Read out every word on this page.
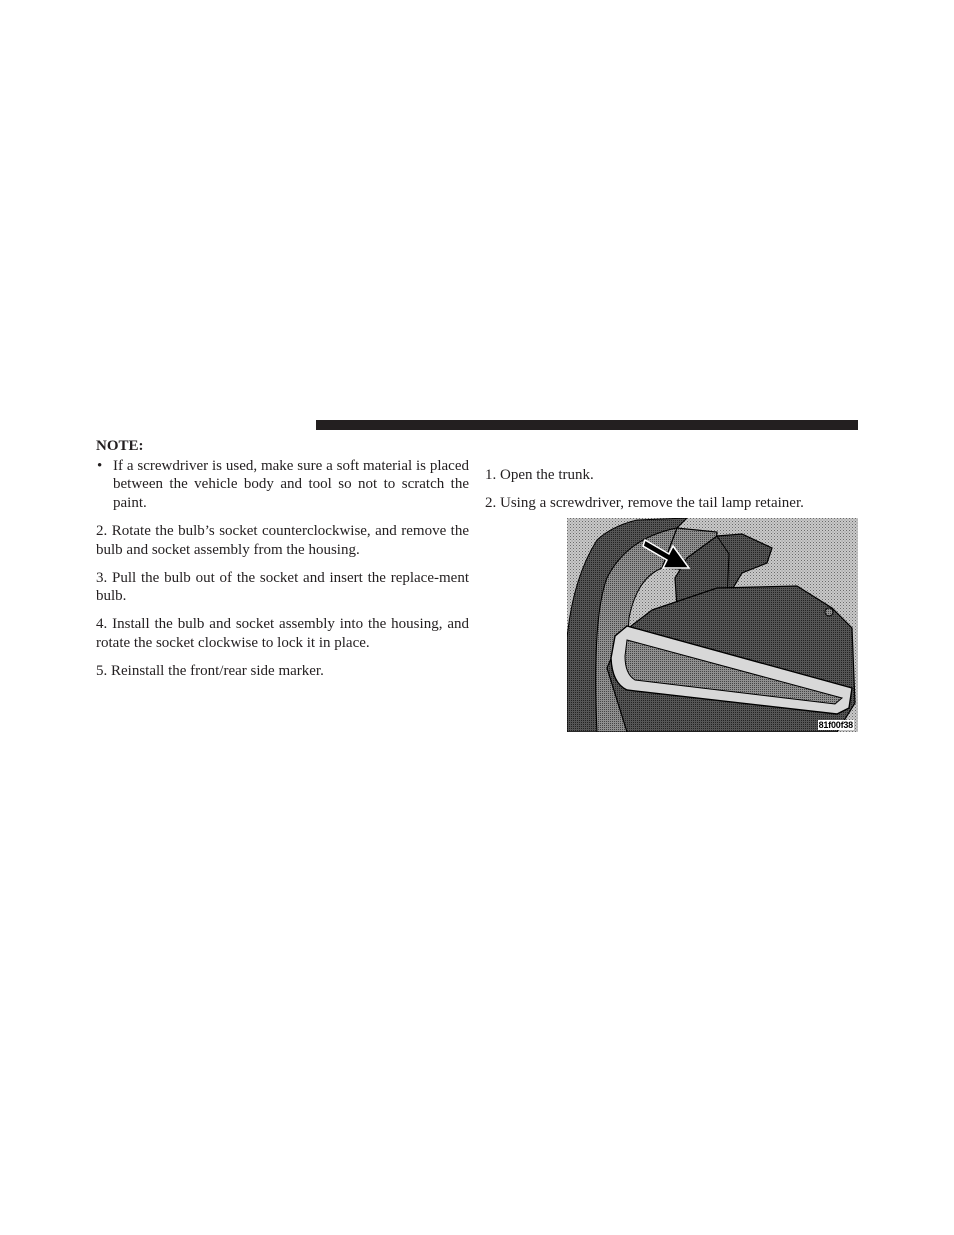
NOTE:
• If a screwdriver is used, make sure a soft material is placed between the vehicle body and tool so not to scratch the paint.

2. Rotate the bulb’s socket counterclockwise, and remove the bulb and socket assembly from the housing.

3. Pull the bulb out of the socket and insert the replace-ment bulb.

4. Install the bulb and socket assembly into the housing, and rotate the socket clockwise to lock it in place.

5. Reinstall the front/rear side marker.

1. Open the trunk.

2. Using a screwdriver, remove the tail lamp retainer.

81f00f38
